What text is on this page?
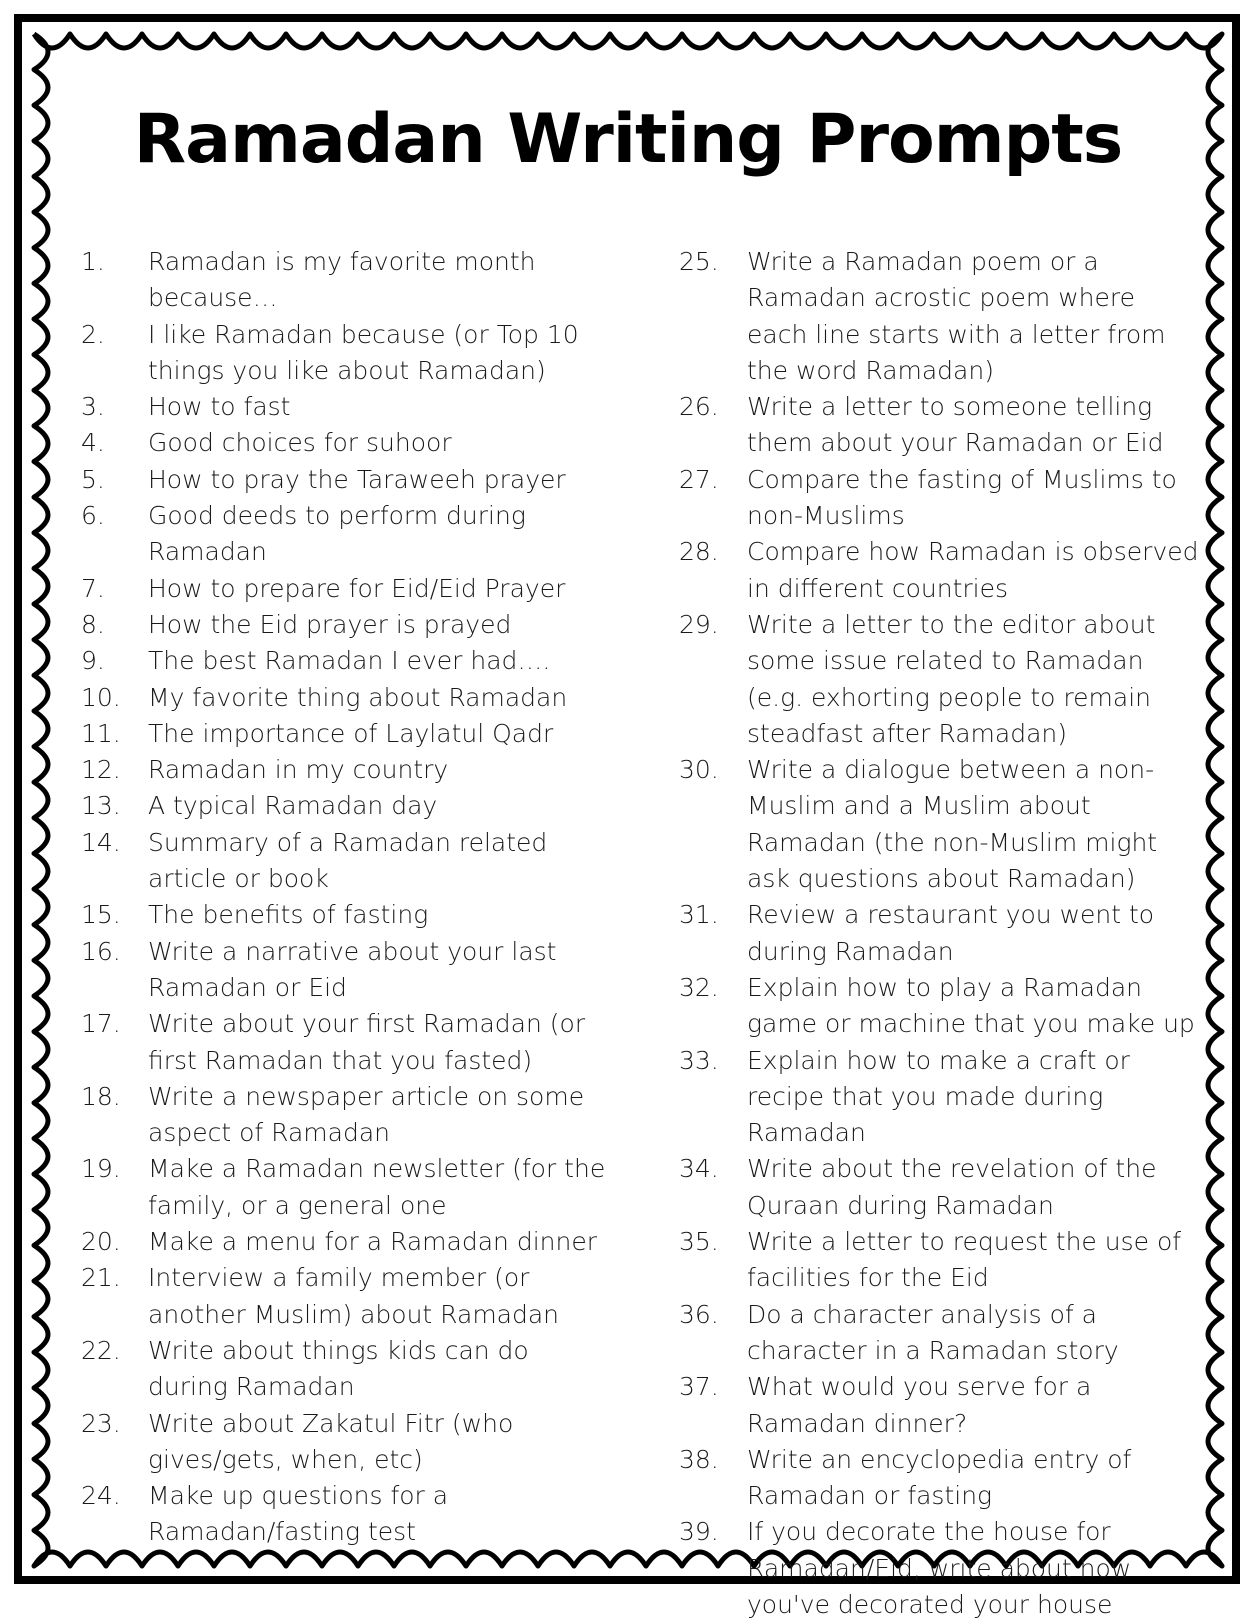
Ramadan Writing Prompts
1.	Ramadan is my favorite month because…
2.	I like Ramadan because (or Top 10 things you like about Ramadan)
3.	How to fast
4.	Good choices for suhoor
5.	How to pray the Taraweeh prayer
6.	Good deeds to perform during Ramadan
7.	How to prepare for Eid/Eid Prayer
8.	How the Eid prayer is prayed
9.	The best Ramadan I ever had….
10.	My favorite thing about Ramadan
11.	The importance of Laylatul Qadr
12.	Ramadan in my country
13.	A typical Ramadan day
14.	Summary of a Ramadan related article or book
15.	The benefits of fasting
16.	Write a narrative about your last Ramadan or Eid
17.	Write about your first Ramadan (or first Ramadan that you fasted)
18.	Write a newspaper article on some aspect of Ramadan
19.	Make a Ramadan newsletter (for the family, or a general one
20.	Make a menu for a Ramadan dinner
21.	Interview a family member (or another Muslim) about Ramadan
22.	Write about things kids can do during Ramadan
23.	Write about Zakatul Fitr (who gives/gets, when, etc)
24.	Make up questions for a Ramadan/fasting test
25.	Write a Ramadan poem or a Ramadan acrostic poem where each line starts with a letter from the word Ramadan)
26.	Write a letter to someone telling them about your Ramadan or Eid
27.	Compare the fasting of Muslims to non-Muslims
28.	Compare how Ramadan is observed in different countries
29.	Write a letter to the editor about some issue related to Ramadan (e.g. exhorting people to remain steadfast after Ramadan)
30.	Write a dialogue between a non-Muslim and a Muslim about Ramadan (the non-Muslim might ask questions about Ramadan)
31.	Review a restaurant you went to during Ramadan
32.	Explain how to play a Ramadan game or machine that you make up
33.	Explain how to make a craft or recipe that you made during Ramadan
34.	Write about the revelation of the Quraan during Ramadan
35.	Write a letter to request the use of facilities for the Eid
36.	Do a character analysis of a character in a Ramadan story
37.	What would you serve for a Ramadan dinner?
38.	Write an encyclopedia entry of Ramadan or fasting
39.	If you decorate the house for Ramadan/Eid, write about how you've decorated your house
